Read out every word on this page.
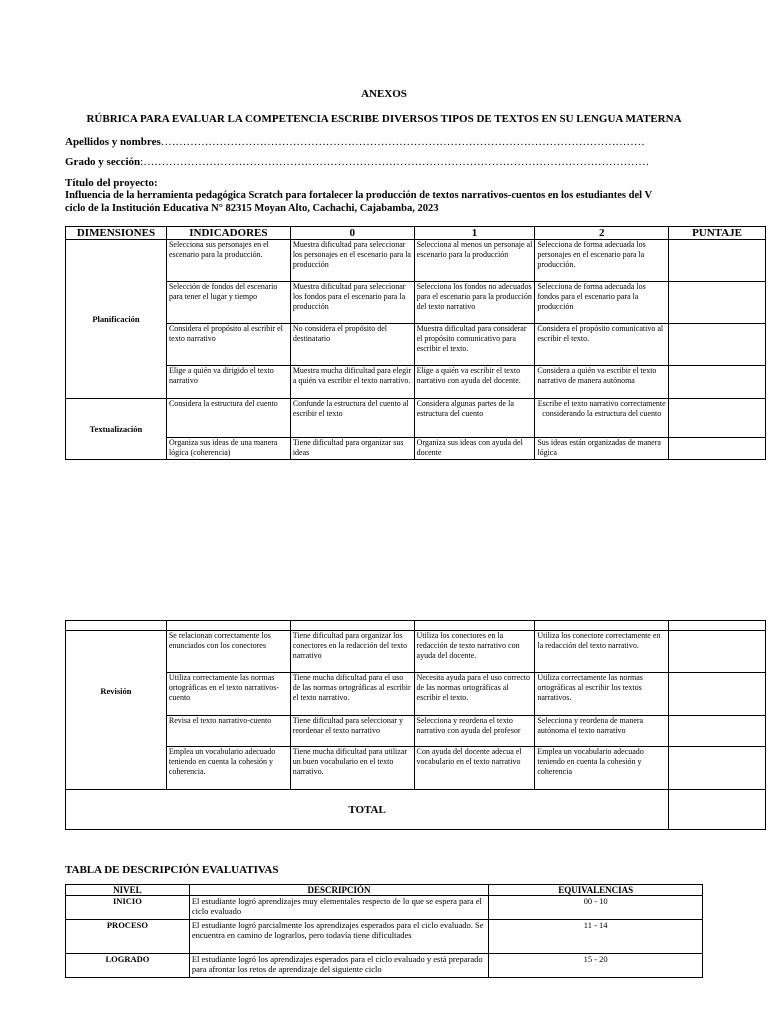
ANEXOS
RÚBRICA PARA EVALUAR LA COMPETENCIA ESCRIBE DIVERSOS TIPOS DE TEXTOS EN SU LENGUA MATERNA
Apellidos y nombres……………………………………………………………………………………………………………………
Grado y sección:…………………………………………………………………………………………………………………………
Título del proyecto:
Influencia de la herramienta pedagógica Scratch para fortalecer la producción de textos narrativos-cuentos en los estudiantes del V
ciclo de la Institución Educativa N° 82315 Moyan Alto, Cachachi, Cajabamba, 2023
DIMENSIONES	INDICADORES	0	1	2	PUNTAJE
Planificación	Selecciona sus personajes en el escenario para la producción.	Muestra dificultad para seleccionar los personajes en el escenario para la producción	Selecciona al menos un personaje al escenario para la producción	Selecciona de forma adecuada los personajes en el escenario para la producción.	
	Selección de fondos del escenario para tener el lugar y tiempo	Muestra dificultad para seleccionar los fondos para el escenario para la producción	Selecciona los fondos no adecuados para el escenario para la producción del texto narrativo	Selecciona de forma adecuada los fondos para el escenario para la producción	
	Considera el propósito al escribir el texto narrativo	No considera el propósito del destinatario	Muestra dificultad para considerar el propósito comunicativo para escribir el texto.	Considera el propósito comunicativo al escribir el texto.	
	Elige a quién va dirigido el texto narrativo	Muestra mucha dificultad para elegir a quién va escribir el texto narrativo.	Elige a quién va escribir el texto narrativo con ayuda del docente.	Considera a quién va escribir el texto narrativo de manera autónoma	
Textualización	Considera la estructura del cuento	Confunde la estructura del cuento al escribir el texto	Considera algunas partes de la estructura del cuento	Escribe el texto narrativo correctamente considerando la estructura del cuento	
	Organiza sus ideas de una manera lógica (coherencia)	Tiene dificultad para organizar sus ideas	Organiza sus ideas con ayuda del docente	Sus ideas están organizadas de manera lógica	

Revisión	Se relacionan correctamente los enunciados con los conectores	Tiene dificultad para organizar los conectores en la redacción del texto narrativo	Utiliza los conectores en la redacción de texto narrativo con ayuda del docente.	Utiliza los conectore correctamente en la redacción del texto narrativo.	
	Utiliza correctamente las normas ortográficas en el texto narrativos-cuento	Tiene mucha dificultad para el uso de las normas ortográficas al escribir el texto narrativo.	Necesita ayuda para el uso correcto de las normas ortográficas al escribir el texto.	Utiliza correctamente las normas ortográficas al escribir los textos narrativos.	
	Revisa el texto narrativo-cuento	Tiene dificultad para seleccionar y reordenar el texto narrativo	Selecciona y reordena el texto narrativo con ayuda del profesor	Selecciona y reordena de manera autónoma el texto narrativo	
	Emplea un vocabulario adecuado teniendo en cuenta la cohesión y coherencia.	Tiene mucha dificultad para utilizar un buen vocabulario en el texto narrativo.	Con ayuda del docente adecua el vocabulario en el texto narrativo	Emplea un vocabulario adecuado teniendo en cuenta la cohesión y coherencia	
TOTAL					
TABLA DE DESCRIPCIÓN EVALUATIVAS
NIVEL	DESCRIPCIÓN	EQUIVALENCIAS
INICIO	El estudiante logró aprendizajes muy elementales respecto de lo que se espera para el ciclo evaluado	00 - 10
PROCESO	El estudiante logró parcialmente los aprendizajes esperados para el ciclo evaluado. Se encuentra en camino de lograrlos, pero todavía tiene dificultades	11 - 14
LOGRADO	El estudiante logró los aprendizajes esperados para el ciclo evaluado y está preparado para afrontar los retos de aprendizaje del siguiente ciclo	15 - 20
